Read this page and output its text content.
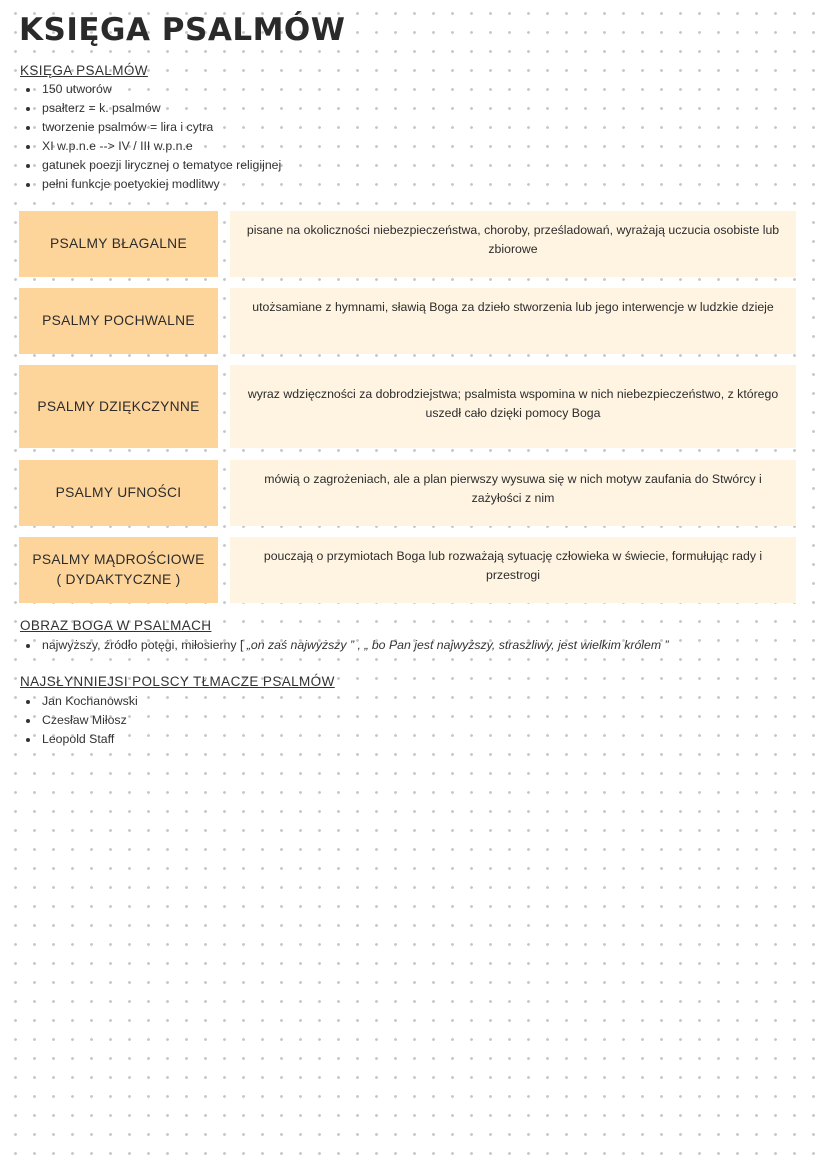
KSIĘGA PSALMÓW
KSIĘGA PSALMÓW
150 utworów
psałterz = k. psalmów
tworzenie psalmów = lira i cytra
XI w.p.n.e --> IV / III w.p.n.e
gatunek poezji lirycznej o tematyce religijnej
pełni funkcje poetyckiej modlitwy
PSALMY BŁAGALNE
pisane na okoliczności niebezpieczeństwa, choroby, prześladowań, wyrażają uczucia osobiste lub zbiorowe
PSALMY POCHWALNE
utożsamiane z hymnami, sławią Boga za dzieło stworzenia lub jego interwencje w ludzkie dzieje
PSALMY DZIĘKCZYNNE
wyraz wdzięczności za dobrodziejstwa; psalmista wspomina w nich niebezpieczeństwo, z którego uszedł cało dzięki pomocy Boga
PSALMY UFNOŚCI
mówią o zagrożeniach, ale a plan pierwszy wysuwa się w nich motyw zaufania do Stwórcy i zażyłości z nim
PSALMY MĄDROŚCIOWE
( DYDAKTYCZNE )
pouczają o przymiotach Boga lub rozważają sytuację człowieka w świecie, formułując rady i przestrogi
OBRAZ BOGA W PSALMACH
najwyższy, źródło potęgi, miłosierny [ „on zaś najwyższy ” , „ bo Pan jest najwyższy, straszliwy, jest wielkim królem ”
NAJSŁYNNIEJSI POLSCY TŁMACZE PSALMÓW
Jan Kochanowski
Czesław Miłosz
Leopold Staff
